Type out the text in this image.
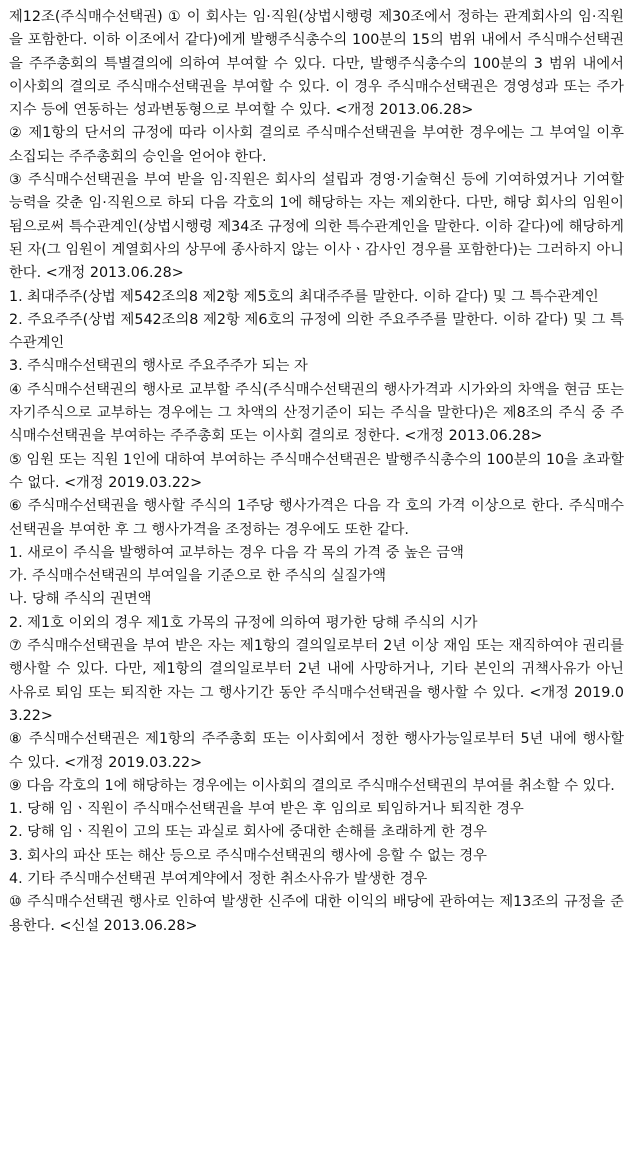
제12조(주식매수선택권) ① 이 회사는 임·직원(상법시행령 제30조에서 정하는 관계회사의 임·직원을 포함한다. 이하 이조에서 같다)에게 발행주식총수의 100분의 15의 범위 내에서 주식매수선택권을 주주총회의 특별결의에 의하여 부여할 수 있다. 다만, 발행주식총수의 100분의 3 범위 내에서 이사회의 결의로 주식매수선택권을 부여할 수 있다. 이 경우 주식매수선택권은 경영성과 또는 주가지수 등에 연동하는 성과변동형으로 부여할 수 있다. <개정 2013.06.28>

② 제1항의 단서의 규정에 따라 이사회 결의로 주식매수선택권을 부여한 경우에는 그 부여일 이후 소집되는 주주총회의 승인을 얻어야 한다.

③ 주식매수선택권을 부여 받을 임·직원은 회사의 설립과 경영·기술혁신 등에 기여하였거나 기여할 능력을 갖춘 임·직원으로 하되 다음 각호의 1에 해당하는 자는 제외한다. 다만, 해당 회사의 임원이 됨으로써 특수관계인(상법시행령 제34조 규정에 의한 특수관계인을 말한다. 이하 같다)에 해당하게 된 자(그 임원이 계열회사의 상무에 종사하지 않는 이사ㆍ감사인 경우를 포함한다)는 그러하지 아니한다. <개정 2013.06.28>

1. 최대주주(상법 제542조의8 제2항 제5호의 최대주주를 말한다. 이하 같다) 및 그 특수관계인

2. 주요주주(상법 제542조의8 제2항 제6호의 규정에 의한 주요주주를 말한다. 이하 같다) 및 그 특수관계인

3. 주식매수선택권의 행사로 주요주주가 되는 자

④ 주식매수선택권의 행사로 교부할 주식(주식매수선택권의 행사가격과 시가와의 차액을 현금 또는 자기주식으로 교부하는 경우에는 그 차액의 산정기준이 되는 주식을 말한다)은 제8조의 주식 중 주식매수선택권을 부여하는 주주총회 또는 이사회 결의로 정한다. <개정 2013.06.28>

⑤ 임원 또는 직원 1인에 대하여 부여하는 주식매수선택권은 발행주식총수의 100분의 10을 초과할 수 없다. <개정 2019.03.22>

⑥ 주식매수선택권을 행사할 주식의 1주당 행사가격은 다음 각 호의 가격 이상으로 한다. 주식매수선택권을 부여한 후 그 행사가격을 조정하는 경우에도 또한 같다.

1. 새로이 주식을 발행하여 교부하는 경우 다음 각 목의 가격 중 높은 금액

가. 주식매수선택권의 부여일을 기준으로 한 주식의 실질가액

나. 당해 주식의 권면액

2. 제1호 이외의 경우 제1호 가목의 규정에 의하여 평가한 당해 주식의 시가

⑦ 주식매수선택권을 부여 받은 자는 제1항의 결의일로부터 2년 이상 재임 또는 재직하여야 권리를 행사할 수 있다. 다만, 제1항의 결의일로부터 2년 내에 사망하거나, 기타 본인의 귀책사유가 아닌 사유로 퇴임 또는 퇴직한 자는 그 행사기간 동안 주식매수선택권을 행사할 수 있다. <개정 2019.03.22>

⑧ 주식매수선택권은 제1항의 주주총회 또는 이사회에서 정한 행사가능일로부터 5년 내에 행사할 수 있다. <개정 2019.03.22>

⑨ 다음 각호의 1에 해당하는 경우에는 이사회의 결의로 주식매수선택권의 부여를 취소할 수 있다.

1. 당해 임ㆍ직원이 주식매수선택권을 부여 받은 후 임의로 퇴임하거나 퇴직한 경우

2. 당해 임ㆍ직원이 고의 또는 과실로 회사에 중대한 손해를 초래하게 한 경우

3. 회사의 파산 또는 해산 등으로 주식매수선택권의 행사에 응할 수 없는 경우

4. 기타 주식매수선택권 부여계약에서 정한 취소사유가 발생한 경우

⑩ 주식매수선택권 행사로 인하여 발생한 신주에 대한 이익의 배당에 관하여는 제13조의 규정을 준용한다. <신설 2013.06.28>
